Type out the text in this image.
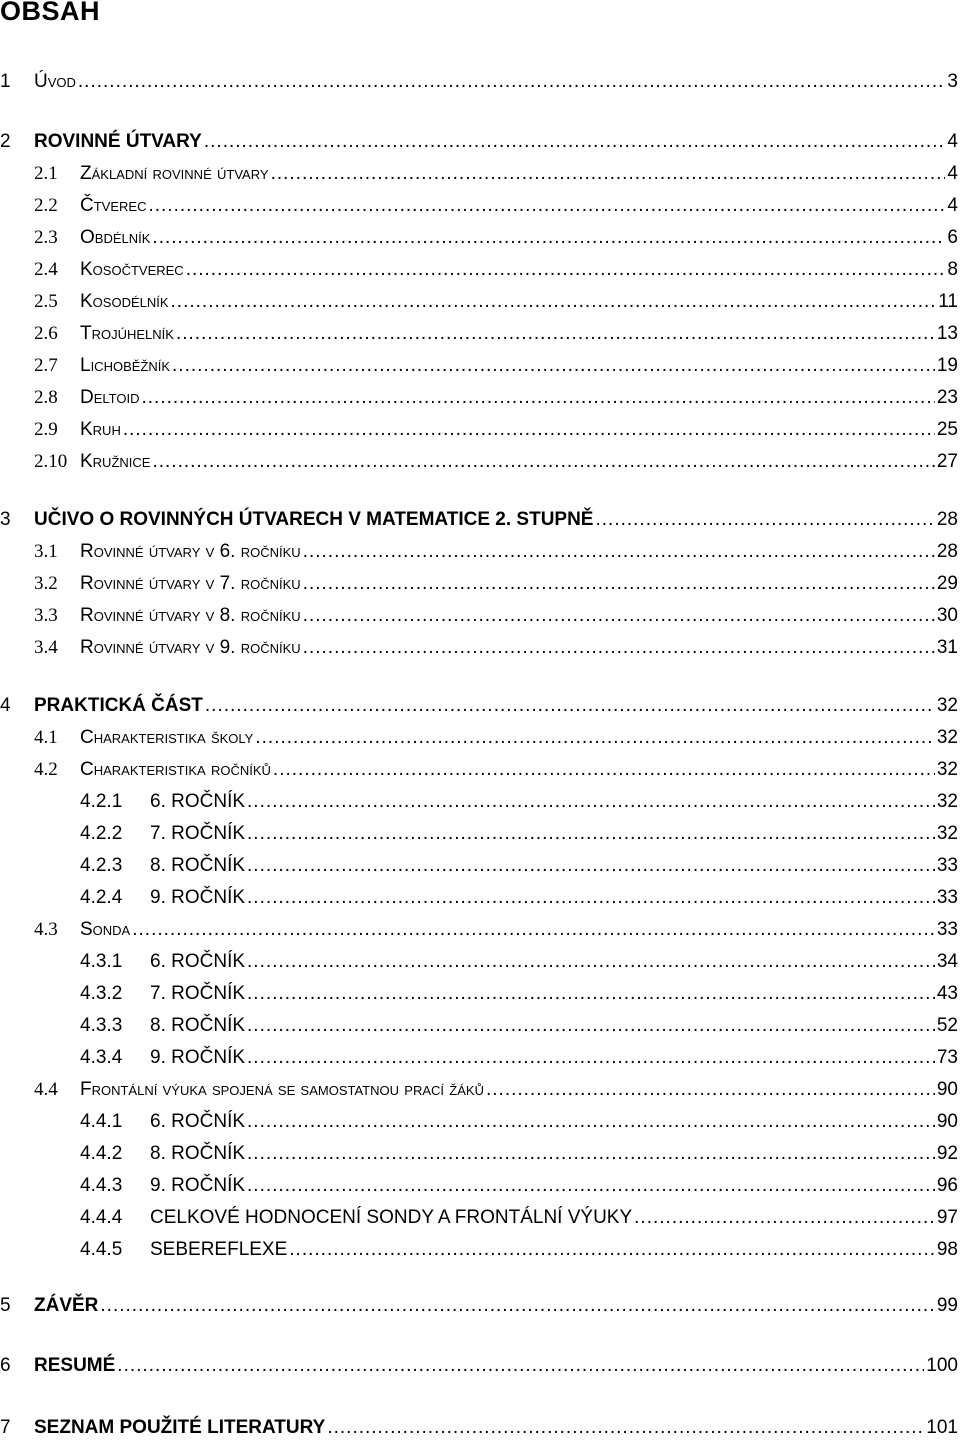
OBSAH
1	Úvod .....	3
2	ROVINNÉ ÚTVARY .....	4
2.1	Základní rovinné útvary .....	4
2.2	Čtverec .....	4
2.3	Obdélník .....	6
2.4	Kosočtverec .....	8
2.5	Kosodélník .....	11
2.6	Trojúhelník .....	13
2.7	Lichoběžník .....	19
2.8	Deltoid .....	23
2.9	Kruh .....	25
2.10 Kružnice .....	27
3	UČIVO O ROVINNÝCH ÚTVARECH V MATEMATICE 2. STUPNĚ .....	28
3.1	Rovinné útvary v 6. ročníku .....	28
3.2	Rovinné útvary v 7. ročníku .....	29
3.3	Rovinné útvary v 8. ročníku .....	30
3.4	Rovinné útvary v 9. ročníku .....	31
4	PRAKTICKÁ ČÁST .....	32
4.1	Charakteristika školy .....	32
4.2	Charakteristika ročníků .....	32
4.2.1	6. ROČNÍK .....	32
4.2.2	7. ROČNÍK .....	32
4.2.3	8. ROČNÍK .....	33
4.2.4	9. ROČNÍK .....	33
4.3	Sonda .....	33
4.3.1	6. ROČNÍK .....	34
4.3.2	7. ROČNÍK .....	43
4.3.3	8. ROČNÍK .....	52
4.3.4	9. ROČNÍK .....	73
4.4	Frontální výuka spojená se samostatnou prací žáků .....	90
4.4.1	6. ROČNÍK .....	90
4.4.2	8. ROČNÍK .....	92
4.4.3	9. ROČNÍK .....	96
4.4.4	CELKOVÉ HODNOCENÍ SONDY A FRONTÁLNÍ VÝUKY .....	97
4.4.5	SEBEREFLEXE .....	98
5	ZÁVĚR .....	99
6	RESUMÉ .....	100
7	SEZNAM POUŽITÉ LITERATURY .....	101
